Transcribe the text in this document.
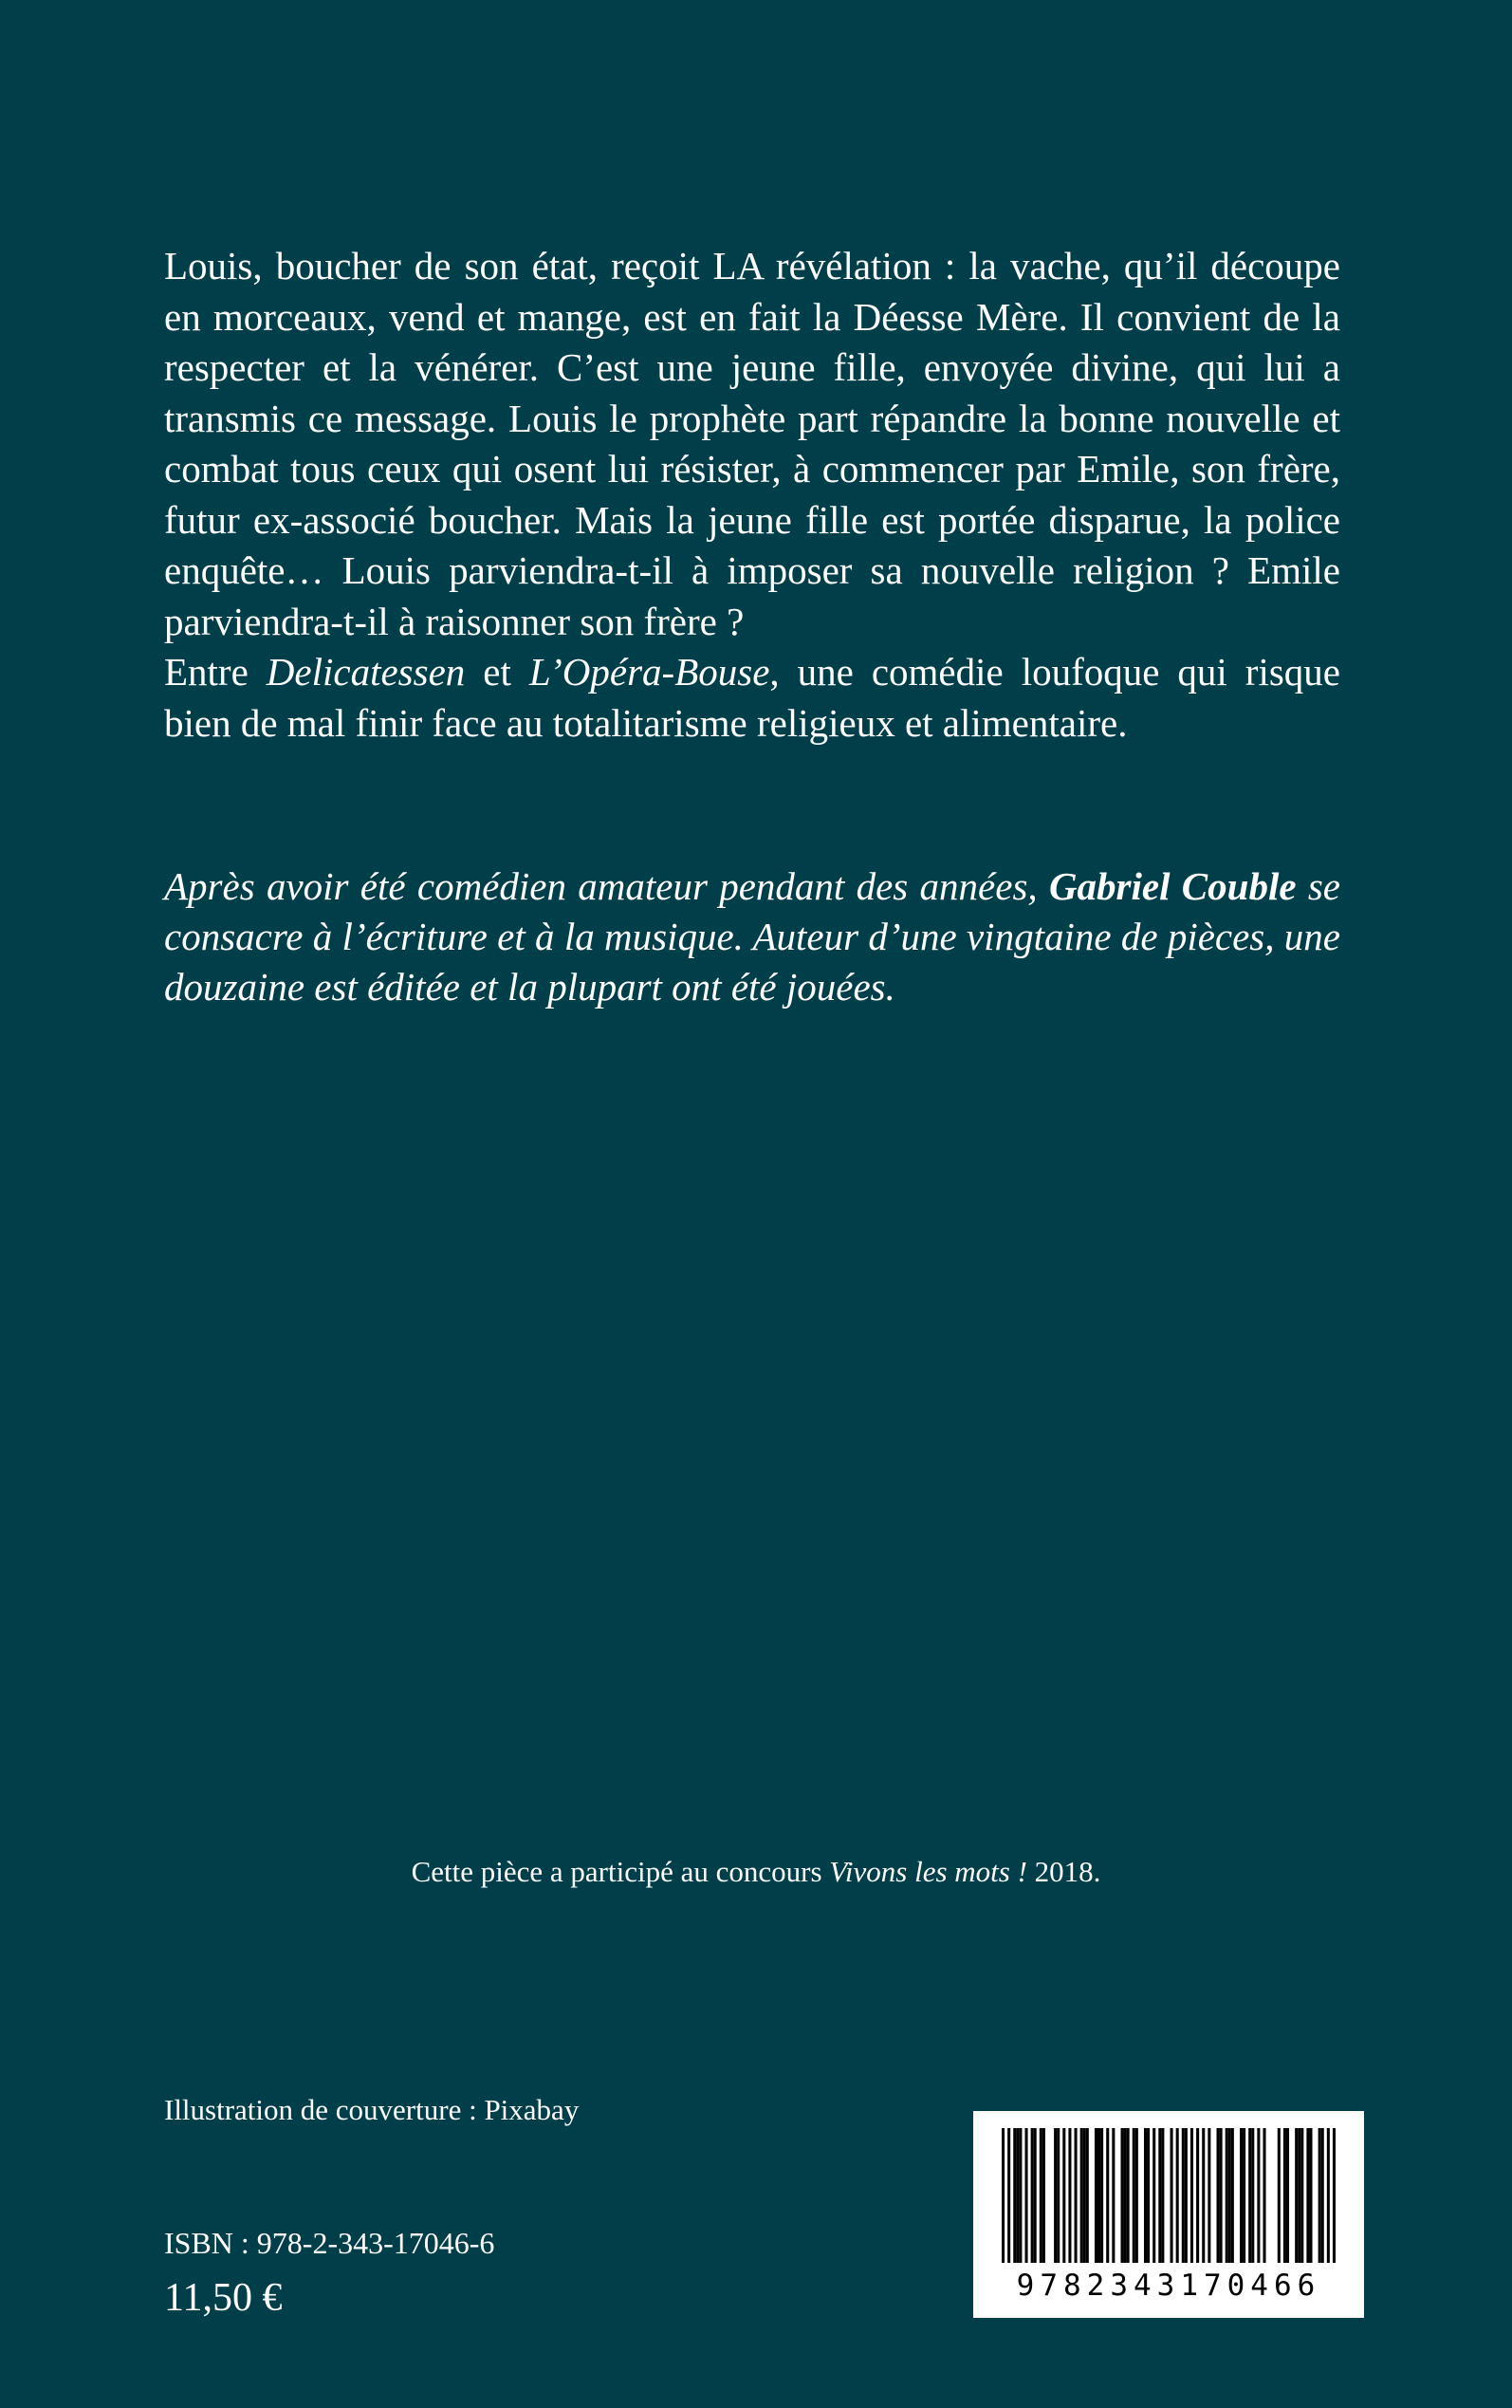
Louis, boucher de son état, reçoit LA révélation : la vache, qu’il découpe en morceaux, vend et mange, est en fait la Déesse Mère. Il convient de la respecter et la vénérer. C’est une jeune fille, envoyée divine, qui lui a transmis ce message. Louis le prophète part répandre la bonne nouvelle et combat tous ceux qui osent lui résister, à commencer par Emile, son frère, futur ex-associé boucher. Mais la jeune fille est portée disparue, la police enquête… Louis parviendra-t-il à imposer sa nouvelle religion ? Emile parviendra-t-il à raisonner son frère ?

Entre Delicatessen et L’Opéra-Bouse, une comédie loufoque qui risque bien de mal finir face au totalitarisme religieux et alimentaire.

Après avoir été comédien amateur pendant des années, Gabriel Couble se consacre à l’écriture et à la musique. Auteur d’une vingtaine de pièces, une douzaine est éditée et la plupart ont été jouées.

Cette pièce a participé au concours Vivons les mots ! 2018.
Illustration de couverture : Pixabay
ISBN : 978-2-343-17046-6
11,50 €	9782343170466
